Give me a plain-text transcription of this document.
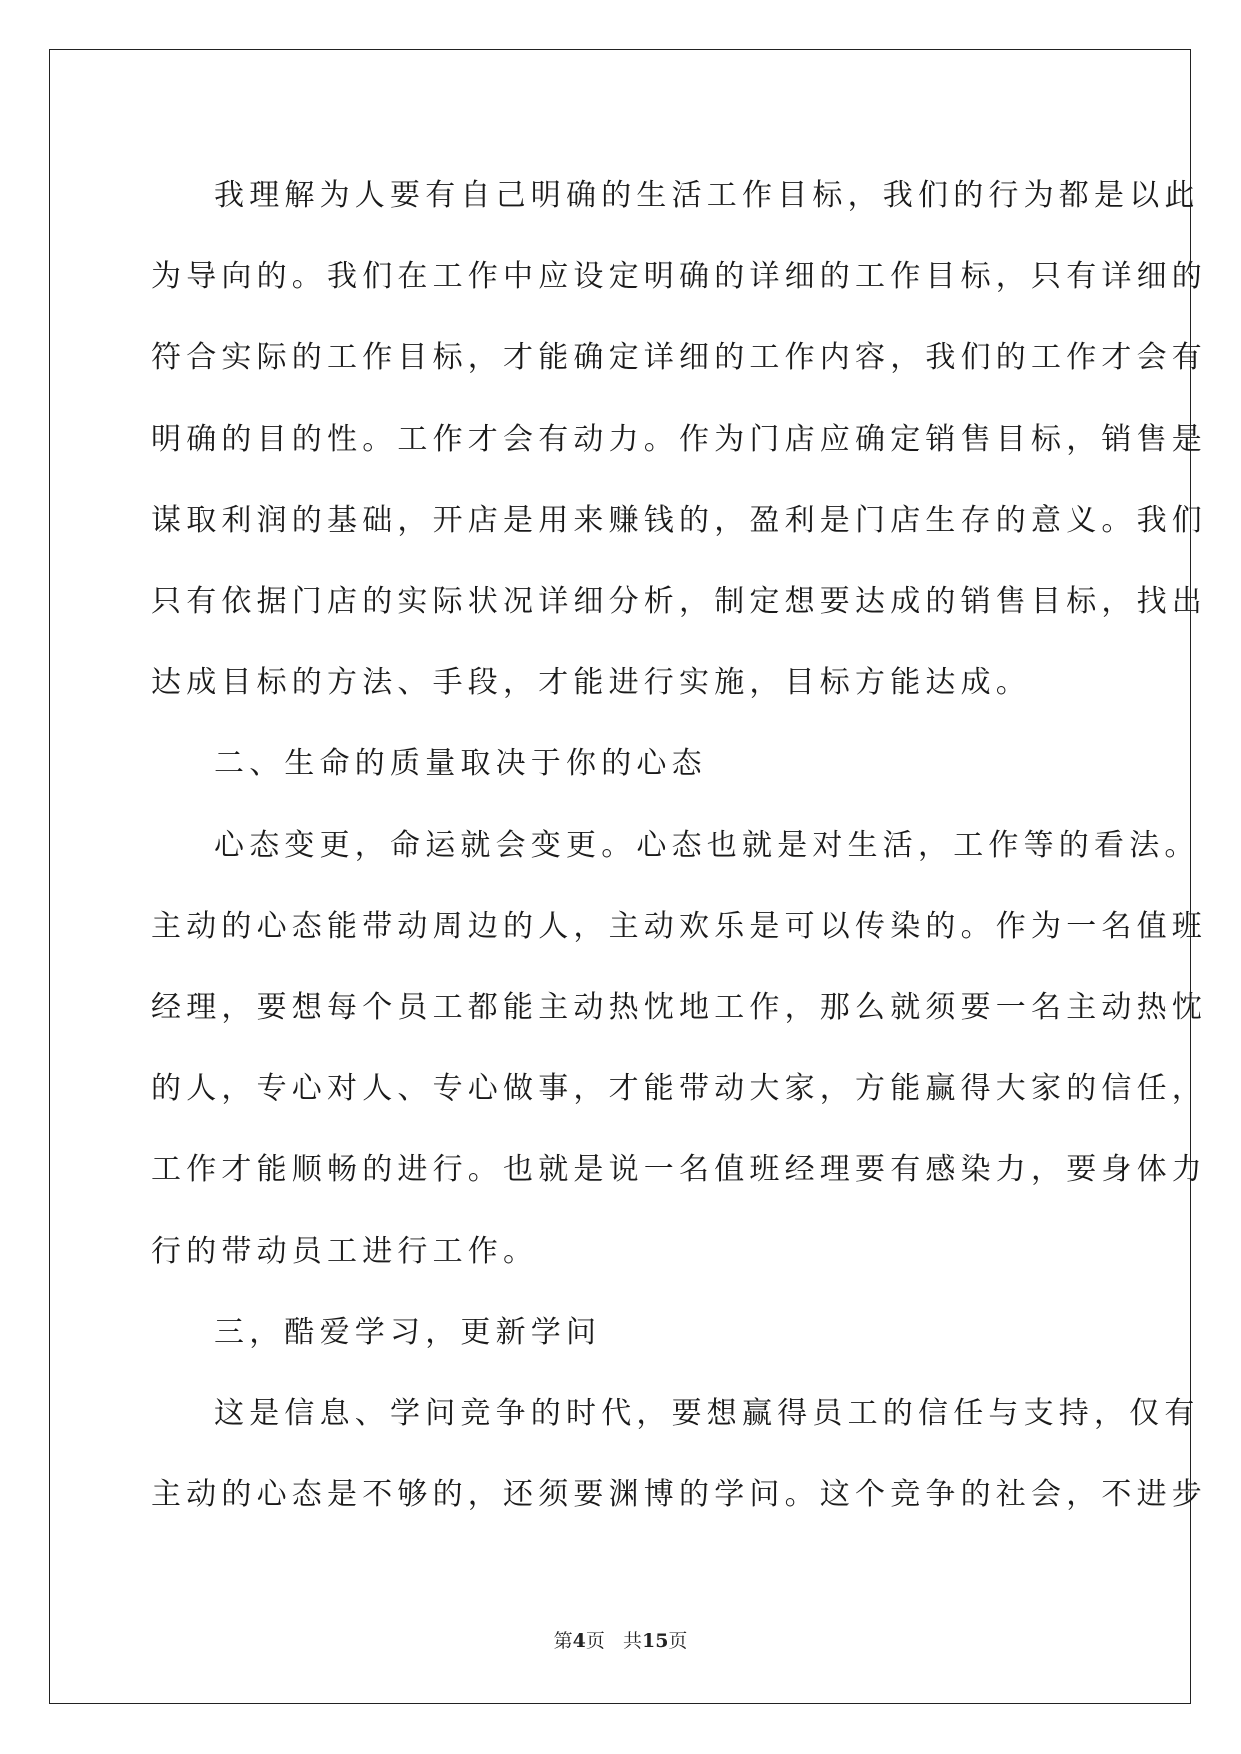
我理解为人要有自己明确的生活工作目标，我们的行为都是以此
为导向的。我们在工作中应设定明确的详细的工作目标，只有详细的
符合实际的工作目标，才能确定详细的工作内容，我们的工作才会有
明确的目的性。工作才会有动力。作为门店应确定销售目标，销售是
谋取利润的基础，开店是用来赚钱的，盈利是门店生存的意义。我们
只有依据门店的实际状况详细分析，制定想要达成的销售目标，找出
达成目标的方法、手段，才能进行实施，目标方能达成。
二、生命的质量取决于你的心态
心态变更，命运就会变更。心态也就是对生活，工作等的看法。
主动的心态能带动周边的人，主动欢乐是可以传染的。作为一名值班
经理，要想每个员工都能主动热忱地工作，那么就须要一名主动热忱
的人，专心对人、专心做事，才能带动大家，方能赢得大家的信任，
工作才能顺畅的进行。也就是说一名值班经理要有感染力，要身体力
行的带动员工进行工作。
三，酷爱学习，更新学问
这是信息、学问竞争的时代，要想赢得员工的信任与支持，仅有
主动的心态是不够的，还须要渊博的学问。这个竞争的社会，不进步
第4页 共15页
